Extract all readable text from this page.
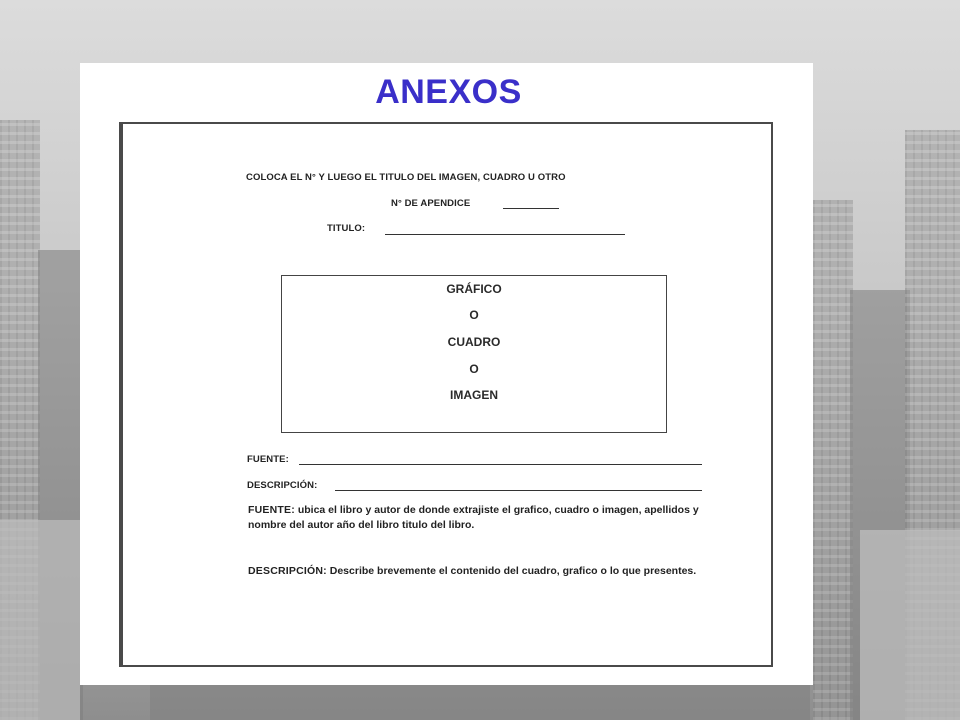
ANEXOS
COLOCA EL N° Y LUEGO EL TITULO DEL IMAGEN, CUADRO U OTRO
N° DE APENDICE
TITULO:
GRÁFICO
O
CUADRO
O
IMAGEN
FUENTE:
DESCRIPCIÓN:
FUENTE: ubica el libro y autor de donde extrajiste el grafico, cuadro o imagen, apellidos y nombre del autor año del libro titulo del libro.
DESCRIPCIÓN: Describe brevemente el contenido del cuadro, grafico o lo que presentes.
